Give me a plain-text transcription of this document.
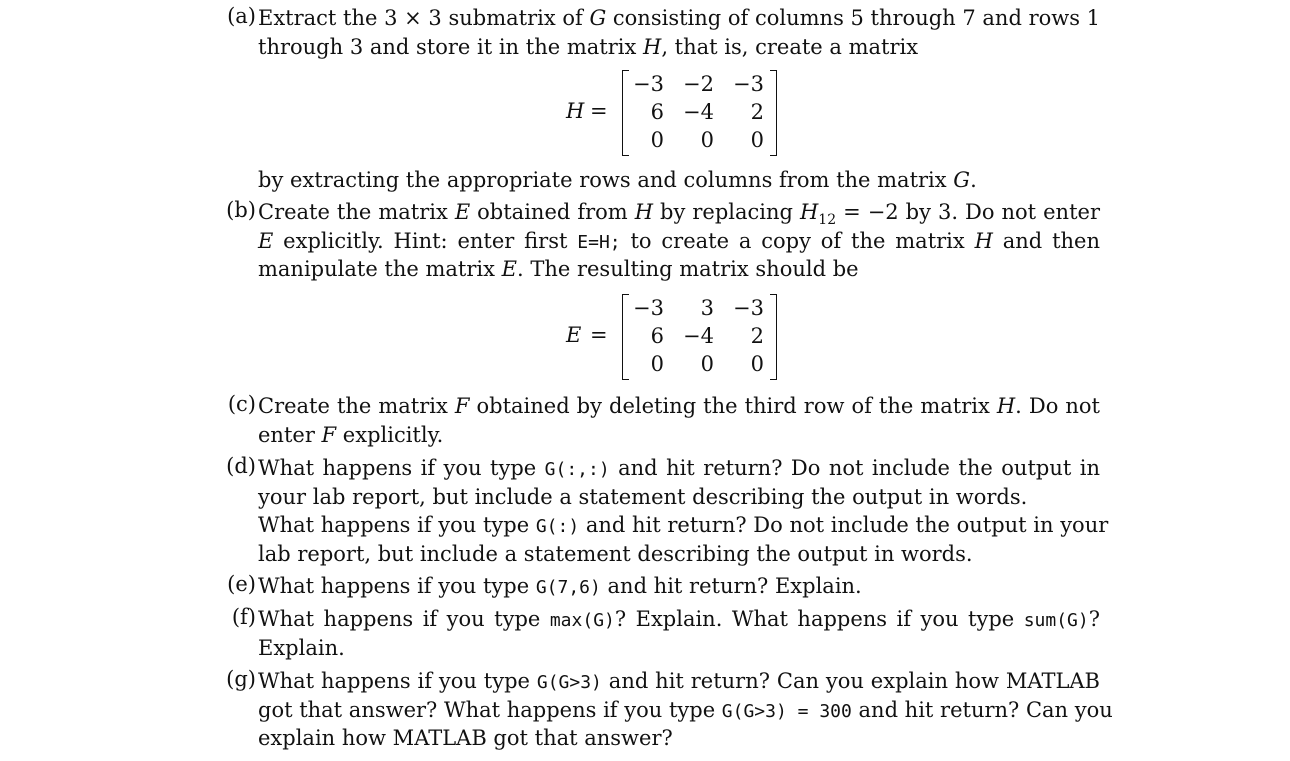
(a) Extract the 3 × 3 submatrix of G consisting of columns 5 through 7 and rows 1
through 3 and store it in the matrix H, that is, create a matrix
H =
−3 −2 −3
6 −4	2
0	0	0
by extracting the appropriate rows and columns from the matrix G.
(b) Create the matrix E obtained from H by replacing $H_{12} = -2$ by 3. Do not enter
E explicitly. Hint: enter first E=H; to create a copy of the matrix H and then
manipulate the matrix E. The resulting matrix should be
E =
−3	3 −3
6 −4	2
0	0	0
(c) Create the matrix F obtained by deleting the third row of the matrix H. Do not
enter F explicitly.
(d) What happens if you type G(:,:) and hit return? Do not include the output in
your lab report, but include a statement describing the output in words.
What happens if you type G(:) and hit return? Do not include the output in your
lab report, but include a statement describing the output in words.
(e) What happens if you type G(7,6) and hit return? Explain.
(f) What happens if you type max(G)? Explain. What happens if you type sum(G)?
Explain.
(g) What happens if you type G(G>3) and hit return? Can you explain how MATLAB
got that answer? What happens if you type G(G>3) = 300 and hit return? Can you
explain how MATLAB got that answer?
